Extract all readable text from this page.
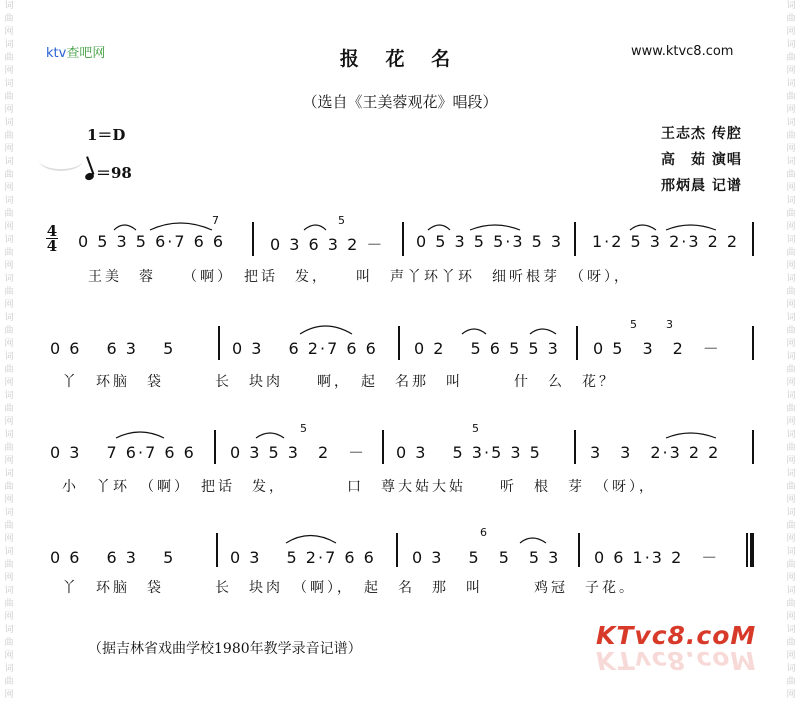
词
曲
网
词
曲
网
词
曲
网
词
曲
网
词
曲
网
词
曲
网
词
曲
网
词
曲
网
词
曲
网
词
曲
网
词
曲
网
词
曲
网
词
曲
网
词
曲
网
词
曲
网
词
曲
网
词
曲
网
词
曲
网
词
曲
网
词
曲
网
词
曲
网
词
曲
网
词
曲
网
词
曲
网
词
曲
网
词
曲
网
词
曲
网
词
曲
网
词
曲
网
词
曲
网
词
曲
网
词
曲
网
词
曲
网
词
曲
网
词
曲
网
词
曲
网
ktv查吧网	www.ktvc8.com
报 花 名
（选自《王美蓉观花》唱段）
1＝D
＝98
王志杰 传腔
高　茹 演唱
邢炳晨 记谱
4
4 0 5 3 5 6·7 6 6	0 3 6 3 2 － 0 5 3 5 5·3 5 3 1·2 5 3 2·3 2 2
王美　蓉　　（啊）　把话　发，　　叫　声丫环丫环　细听根芽　（呀），
0 6　 6 3　 5	0 3　 6 2·7 6 6 0 2　 5 6 5 5 3 0 5　3　2　－
丫　环脑　袋　　　长　块肉　　啊，　起　名那　叫　　　什　么　花？
0 3　 7 6·7 6 6 0 3 5 3　2　－ 0 3　 5 3·5 3 5	3　3　2·3 2 2
小　丫环　（啊）　把话　发，　　　　口　尊大姑大姑　　听　根　芽　（呀），
0 6　 6 3　 5	0 3　 5 2·7 6 6 0 3　 5　5　5 3 0 6 1·3 2　－
丫　环脑　袋　　　长　块肉　（啊），　起　名　那　叫　　　鸡冠　子花。
7	5
5	3
5	5
6
（据吉林省戏曲学校1980年教学录音记谱）	KTvc8.coM
KTvc8.coM
